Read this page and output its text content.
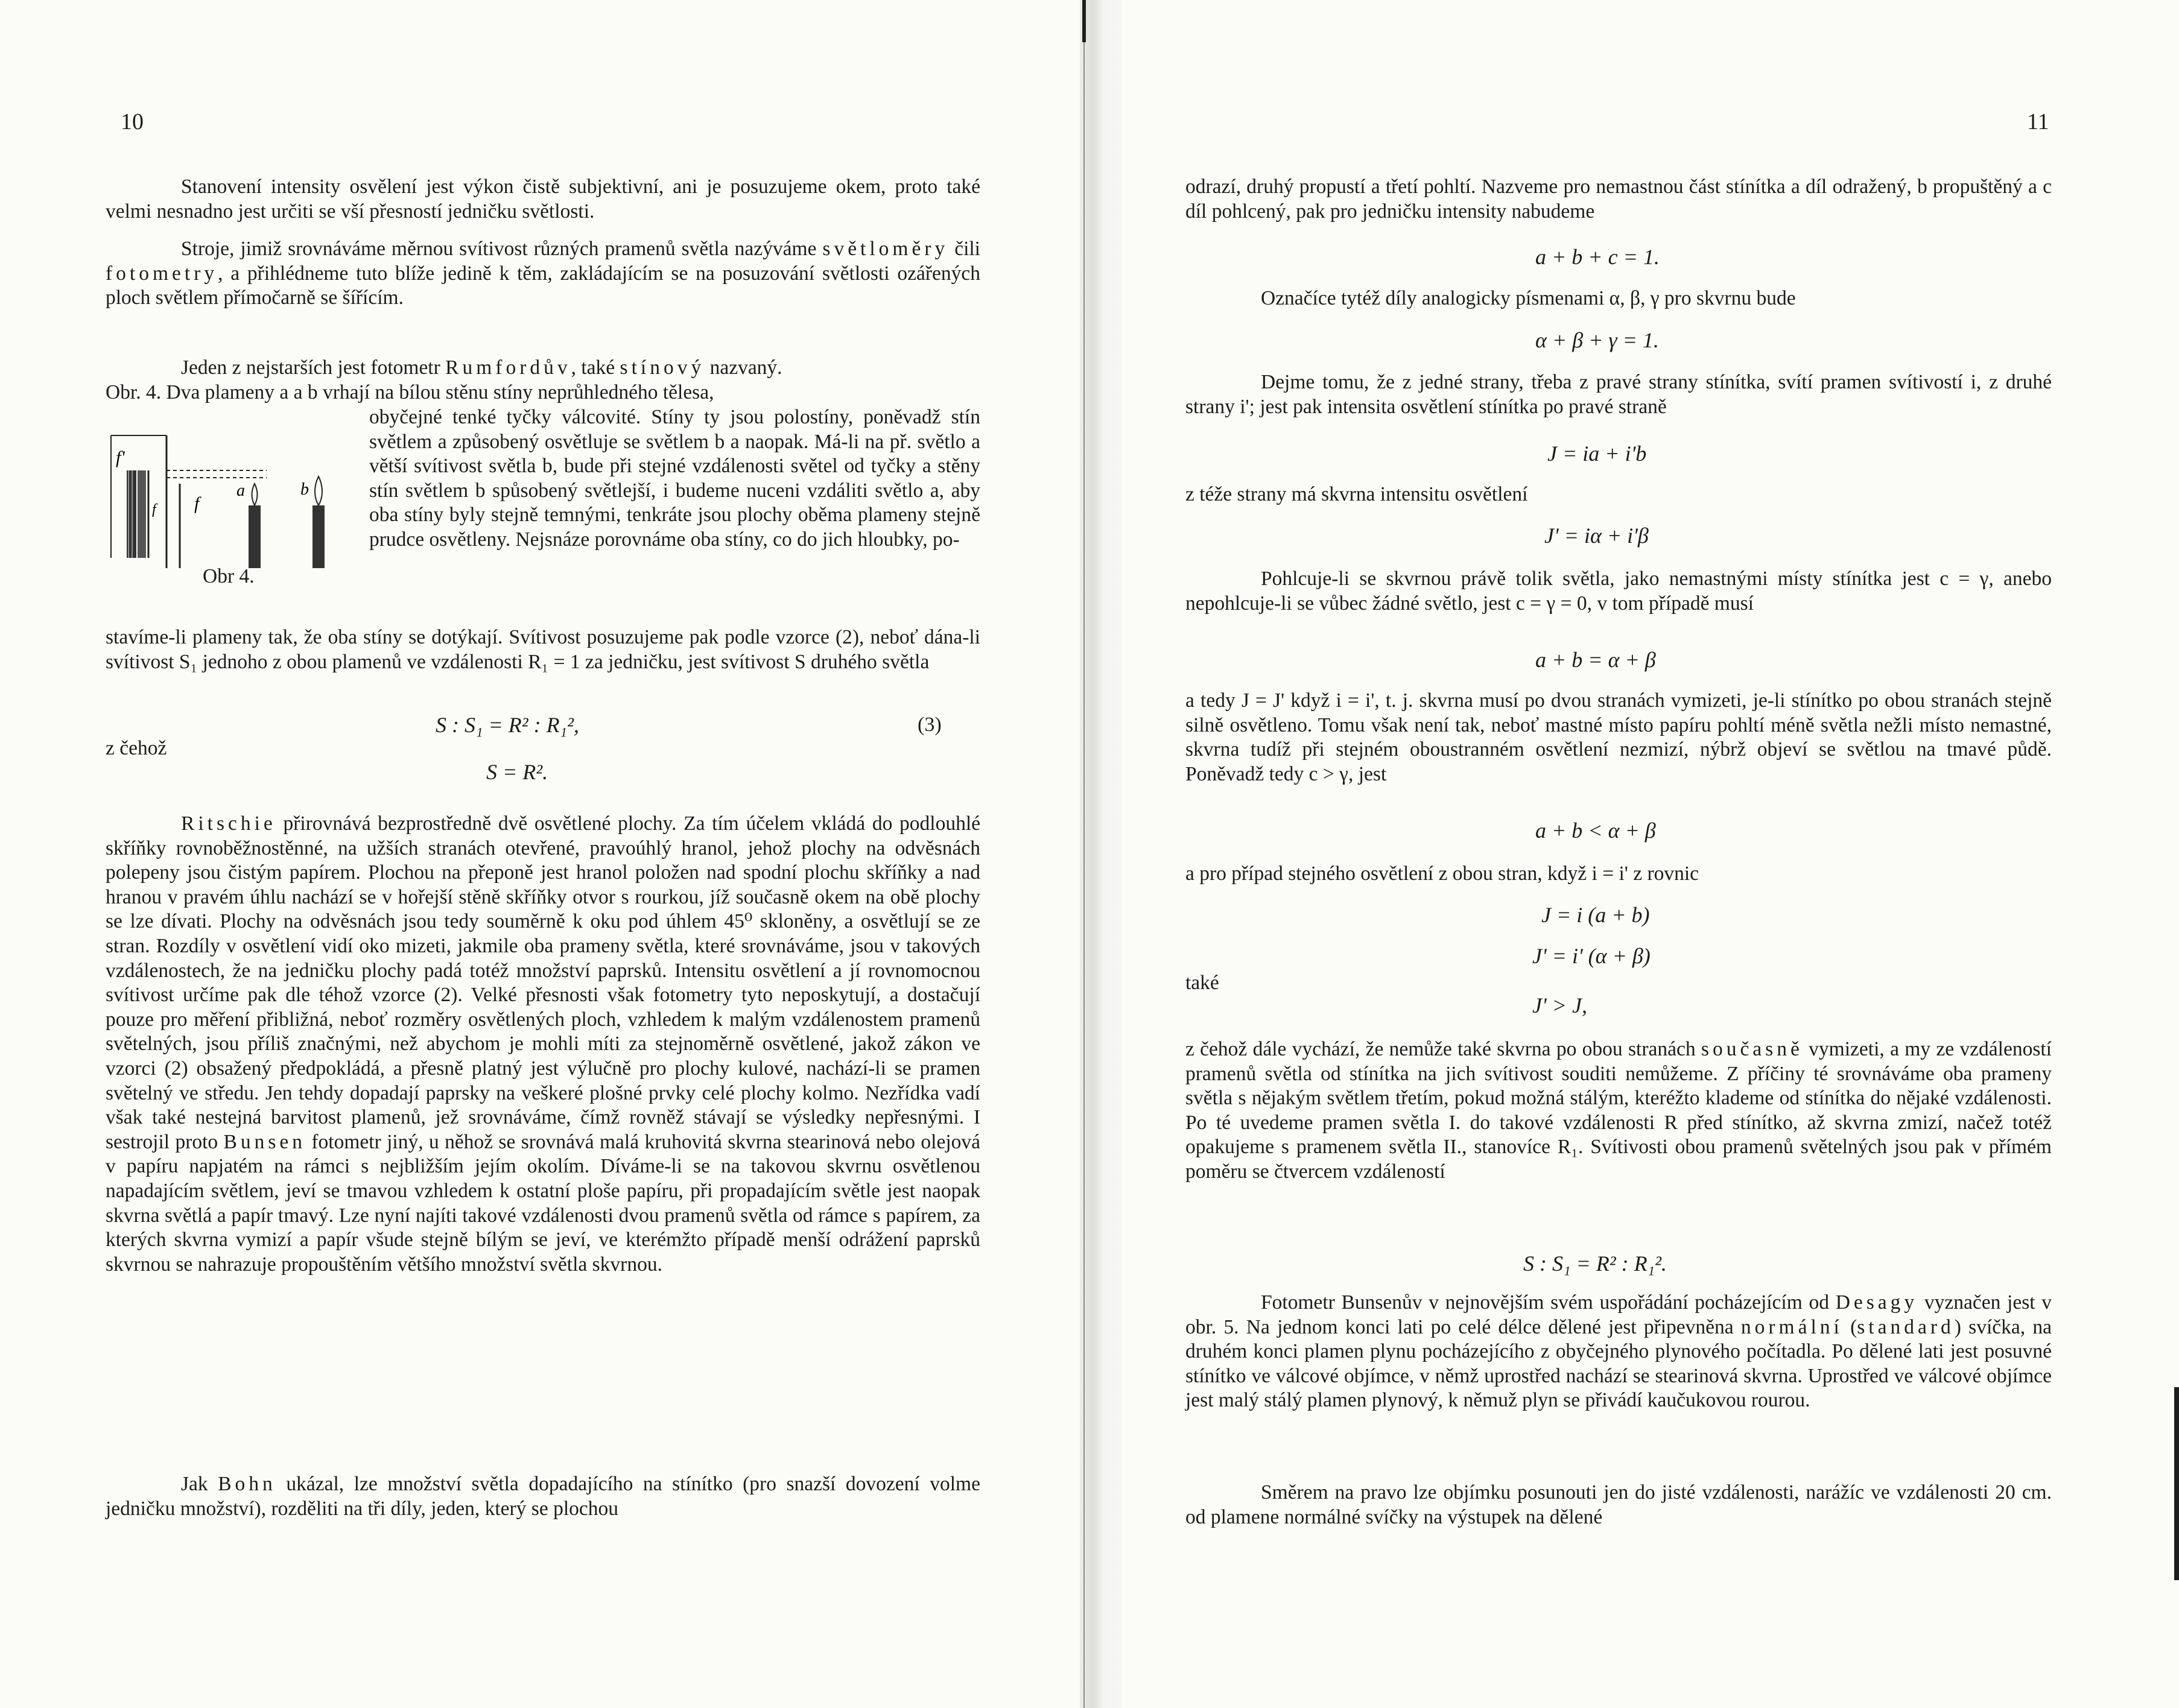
10
Stanovení intensity osvělení jest výkon čistě subjektivní, ani je posuzujeme okem, proto také velmi nesnadno jest určiti se vší přesností jedničku světlosti.
Stroje, jimiž srovnáváme měrnou svítivost různých pramenů světla nazýváme světloměry čili fotometry, a přihlédneme tuto blíže jedině k těm, zakládajícím se na posuzování světlosti ozářených ploch světlem přímočarně se šířícím.
Jeden z nejstarších jest fotometr Rumfordův, také stínový nazvaný.
Obr. 4. Dva plameny a a b vrhají na bílou stěnu stíny neprůhledného tělesa,
f'
f f
a	b
Obr 4.
obyčejné tenké tyčky válcovité. Stíny ty jsou polostíny, poněvadž stín světlem a způsobený osvětluje se světlem b a naopak. Má-li na př. světlo a větší svítivost světla b, bude při stejné vzdálenosti světel od tyčky a stěny stín světlem b spůsobený světlejší, i budeme nuceni vzdáliti světlo a, aby oba stíny byly stejně temnými, tenkráte jsou plochy oběma plameny stejně prudce osvětleny. Nejsnáze porovnáme oba stíny, co do jich hloubky, po-
stavíme-li plameny tak, že oba stíny se dotýkají. Svítivost posuzujeme pak podle vzorce (2), neboť dána-li svítivost S₁ jednoho z obou plamenů ve vzdálenosti R₁ = 1 za jedničku, jest svítivost S druhého světla
S : S₁ = R² : R₁²,	(3)
z čehož
S = R².
Ritschie přirovnává bezprostředně dvě osvětlené plochy. Za tím účelem vkládá do podlouhlé skříňky rovnoběžnostěnné, na užších stranách otevřené, pravoúhlý hranol, jehož plochy na odvěsnách polepeny jsou čistým papírem. Plochou na přeponě jest hranol položen nad spodní plochu skříňky a nad hranou v pravém úhlu nachází se v hořejší stěně skříňky otvor s rourkou, jíž současně okem na obě plochy se lze dívati. Plochy na odvěsnách jsou tedy souměrně k oku pod úhlem 45⁰ skloněny, a osvětlují se ze stran. Rozdíly v osvětlení vidí oko mizeti, jakmile oba prameny světla, které srovnáváme, jsou v takových vzdálenostech, že na jedničku plochy padá totéž množství paprsků. Intensitu osvětlení a jí rovnomocnou svítivost určíme pak dle téhož vzorce (2). Velké přesnosti však fotometry tyto neposkytují, a dostačují pouze pro měření přibližná, neboť rozměry osvětlených ploch, vzhledem k malým vzdálenostem pramenů světelných, jsou příliš značnými, než abychom je mohli míti za stejnoměrně osvětlené, jakož zákon ve vzorci (2) obsažený předpokládá, a přesně platný jest výlučně pro plochy kulové, nachází-li se pramen světelný ve středu. Jen tehdy dopadají paprsky na veškeré plošné prvky celé plochy kolmo. Nezřídka vadí však také nestejná barvitost plamenů, jež srovnáváme, čímž rovněž stávají se výsledky nepřesnými. I sestrojil proto Bunsen fotometr jiný, u něhož se srovnává malá kruhovitá skvrna stearinová nebo olejová v papíru napjatém na rámci s nejbližším jejím okolím. Díváme-li se na takovou skvrnu osvětlenou napadajícím světlem, jeví se tmavou vzhledem k ostatní ploše papíru, při propadajícím světle jest naopak skvrna světlá a papír tmavý. Lze nyní najíti takové vzdálenosti dvou pramenů světla od rámce s papírem, za kterých skvrna vymizí a papír všude stejně bílým se jeví, ve kterémžto případě menší odrážení paprsků skvrnou se nahrazuje propouštěním většího množství světla skvrnou.
Jak Bohn ukázal, lze množství světla dopadajícího na stínítko (pro snazší dovození volme jedničku množství), rozděliti na tři díly, jeden, který se plochou
11
odrazí, druhý propustí a třetí pohltí. Nazveme pro nemastnou část stínítka a díl odražený, b propuštěný a c díl pohlcený, pak pro jedničku intensity nabudeme
a + b + c = 1.
Označíce tytéž díly analogicky písmenami α, β, γ pro skvrnu bude
α + β + γ = 1.
Dejme tomu, že z jedné strany, třeba z pravé strany stínítka, svítí pramen svítivostí i, z druhé strany i'; jest pak intensita osvětlení stínítka po pravé straně
J = ia + i'b
z téže strany má skvrna intensitu osvětlení
J' = iα + i'β
Pohlcuje-li se skvrnou právě tolik světla, jako nemastnými místy stínítka jest c = γ, anebo nepohlcuje-li se vůbec žádné světlo, jest c = γ = 0, v tom případě musí
a + b = α + β
a tedy J = J' když i = i', t. j. skvrna musí po dvou stranách vymizeti, je-li stínítko po obou stranách stejně silně osvětleno. Tomu však není tak, neboť mastné místo papíru pohltí méně světla nežli místo nemastné, skvrna tudíž při stejném oboustranném osvětlení nezmizí, nýbrž objeví se světlou na tmavé půdě. Poněvadž tedy c > γ, jest
a + b < α + β
a pro případ stejného osvětlení z obou stran, když i = i' z rovnic
J = i (a + b)
J' = i' (α + β)
také
J' > J,
z čehož dále vychází, že nemůže také skvrna po obou stranách současně vymizeti, a my ze vzdáleností pramenů světla od stínítka na jich svítivost souditi nemůžeme. Z příčiny té srovnáváme oba prameny světla s nějakým světlem třetím, pokud možná stálým, kteréžto klademe od stínítka do nějaké vzdálenosti. Po té uvedeme pramen světla I. do takové vzdálenosti R před stínítko, až skvrna zmizí, načež totéž opakujeme s pramenem světla II., stanovíce R₁. Svítivosti obou pramenů světelných jsou pak v přímém poměru se čtvercem vzdáleností
S : S₁ = R² : R₁².
Fotometr Bunsenův v nejnovějším svém uspořádání pocházejícím od Desagy vyznačen jest v obr. 5. Na jednom konci lati po celé délce dělené jest připevněna normální (standard) svíčka, na druhém konci plamen plynu pocházejícího z obyčejného plynového počítadla. Po dělené lati jest posuvné stínítko ve válcové objímce, v němž uprostřed nachází se stearinová skvrna. Uprostřed ve válcové objímce jest malý stálý plamen plynový, k němuž plyn se přivádí kaučukovou rourou.
Směrem na pravo lze objímku posunouti jen do jisté vzdálenosti, narážíc ve vzdálenosti 20 cm. od plamene normálné svíčky na výstupek na dělené
